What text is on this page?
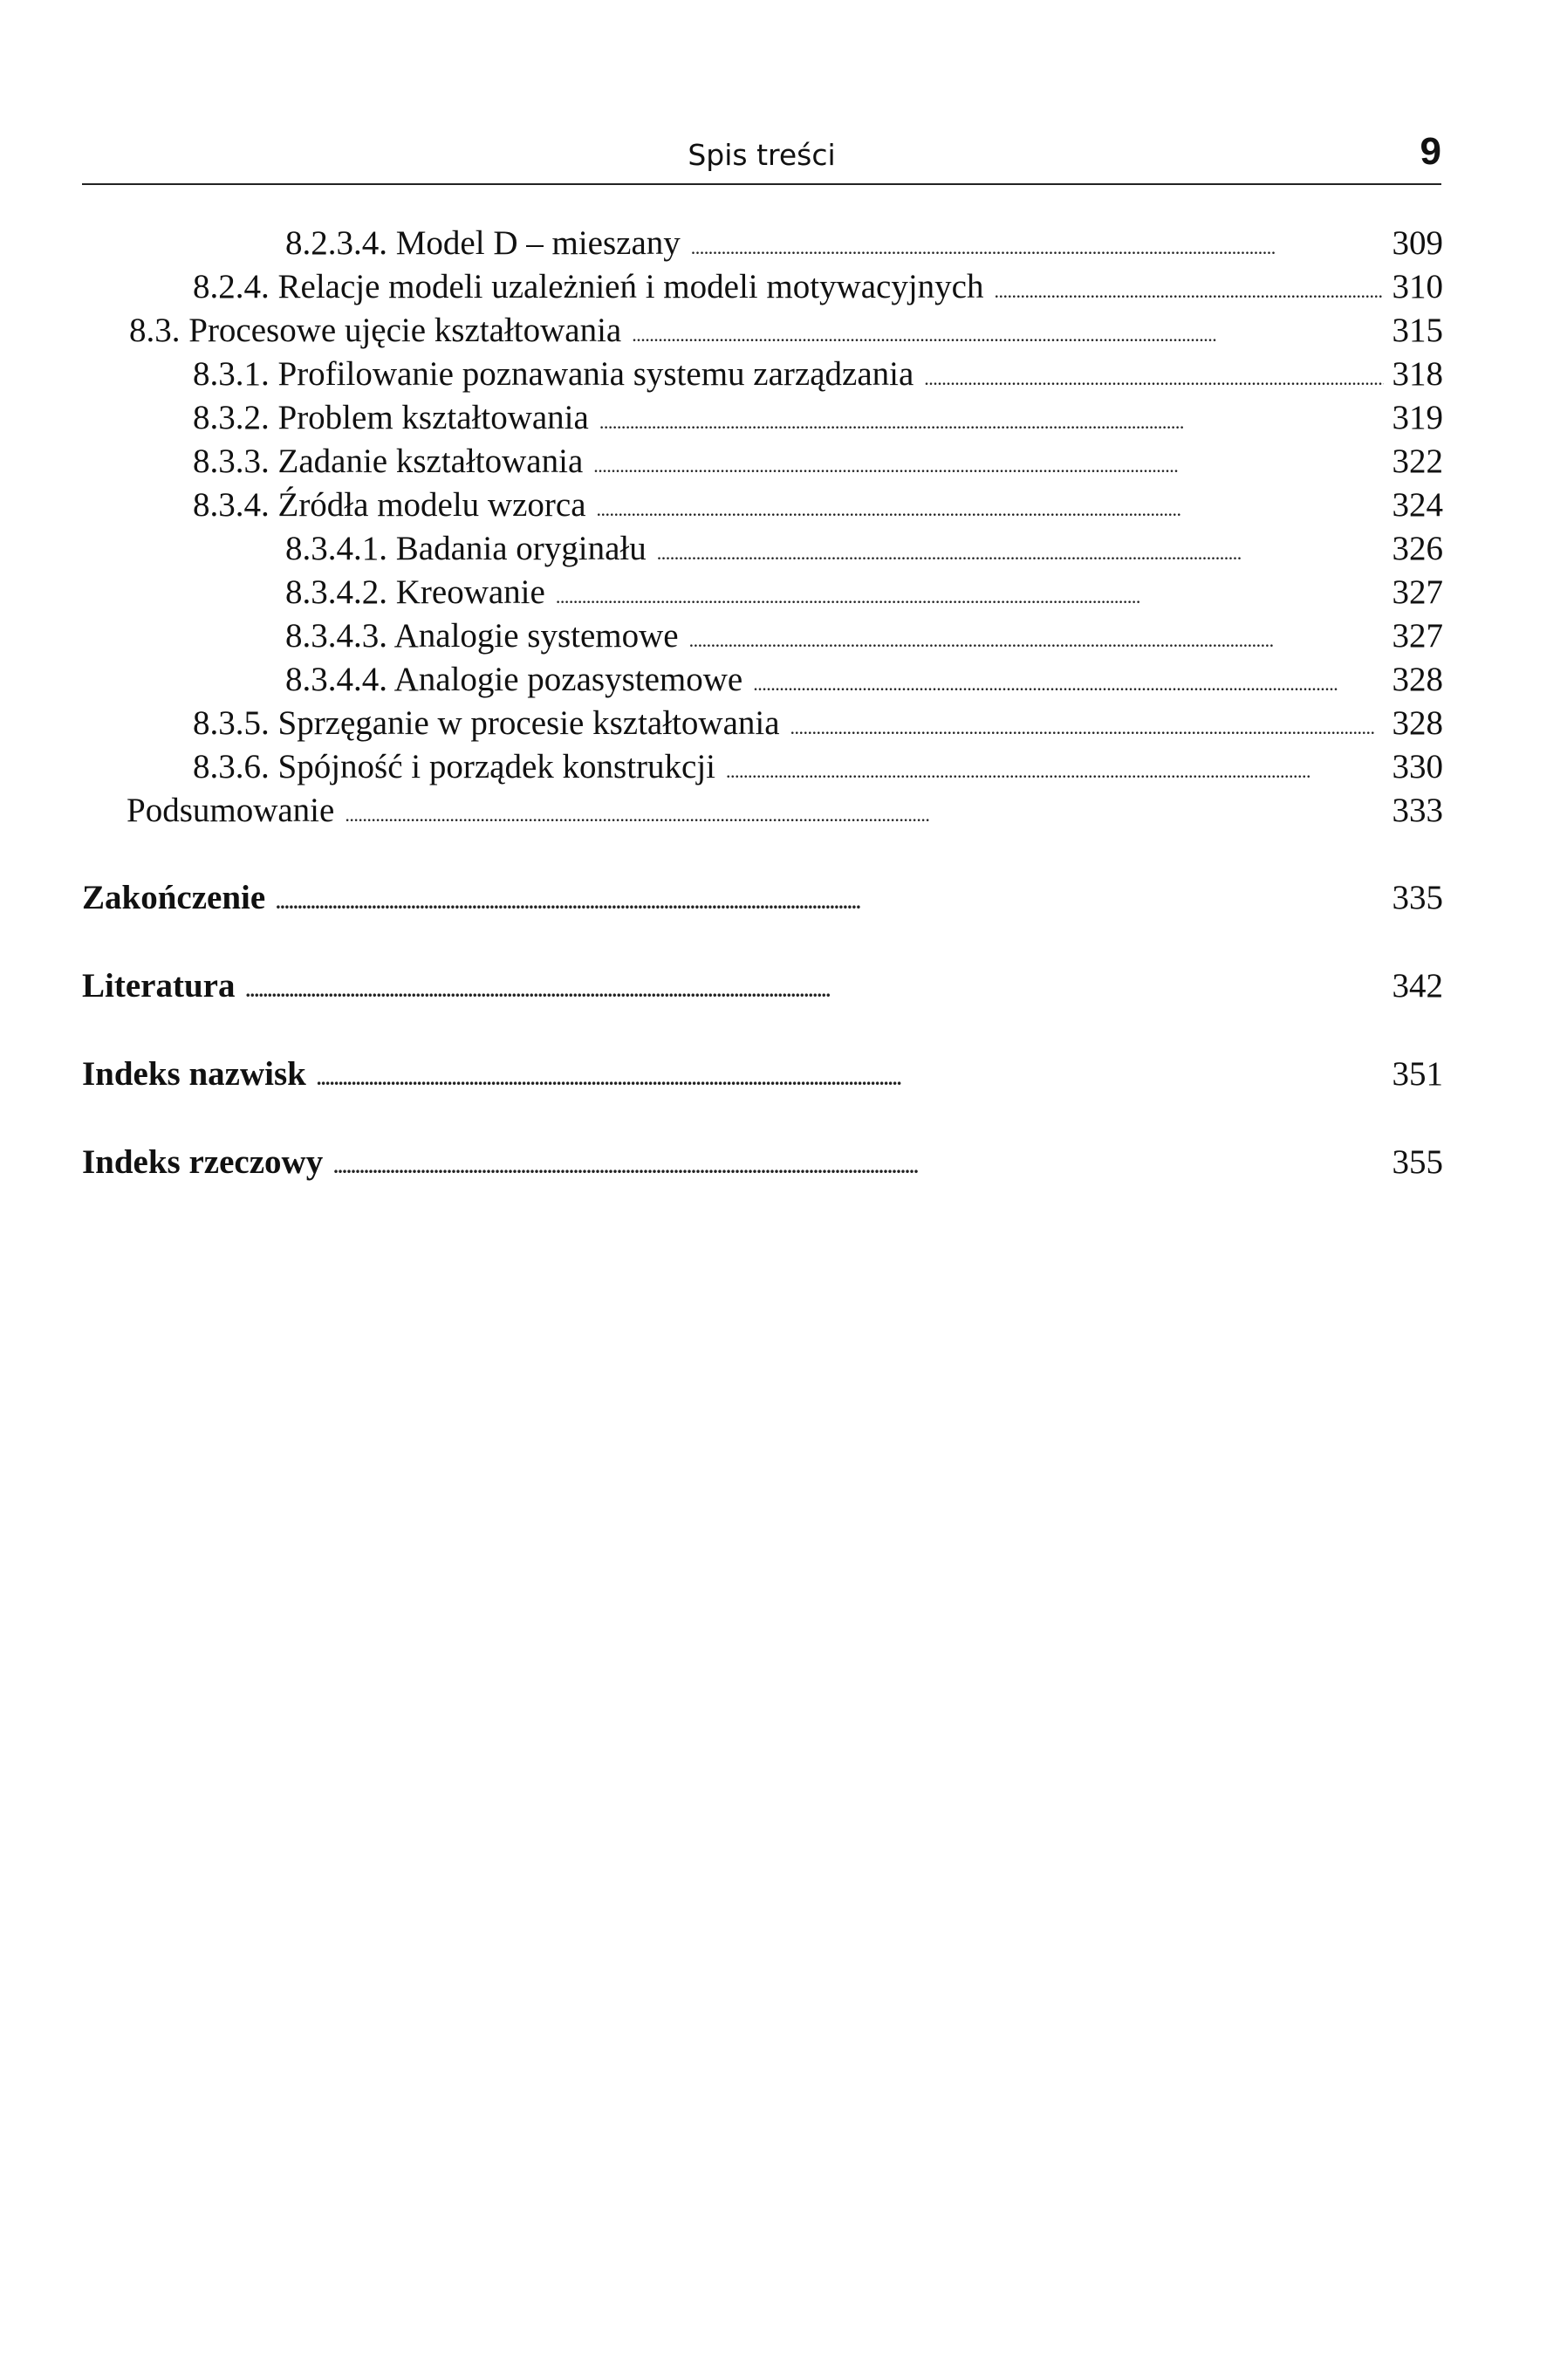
Spis treści	9
8.2.3.4. Model D – mieszany . . .	309
8.2.4. Relacje modeli uzależnień i modeli motywacyjnych . . .	310
8.3. Procesowe ujęcie kształtowania . . .	315
8.3.1. Profilowanie poznawania systemu zarządzania . . .	318
8.3.2. Problem kształtowania . . .	319
8.3.3. Zadanie kształtowania . . .	322
8.3.4. Źródła modelu wzorca . . .	324
8.3.4.1. Badania oryginału . . .	326
8.3.4.2. Kreowanie . . .	327
8.3.4.3. Analogie systemowe . . .	327
8.3.4.4. Analogie pozasystemowe . . .	328
8.3.5. Sprzęganie w procesie kształtowania . . .	328
8.3.6. Spójność i porządek konstrukcji . . .	330
Podsumowanie . . .	333
Zakończenie . . .	335
Literatura . . .	342
Indeks nazwisk . . .	351
Indeks rzeczowy . . .	355
